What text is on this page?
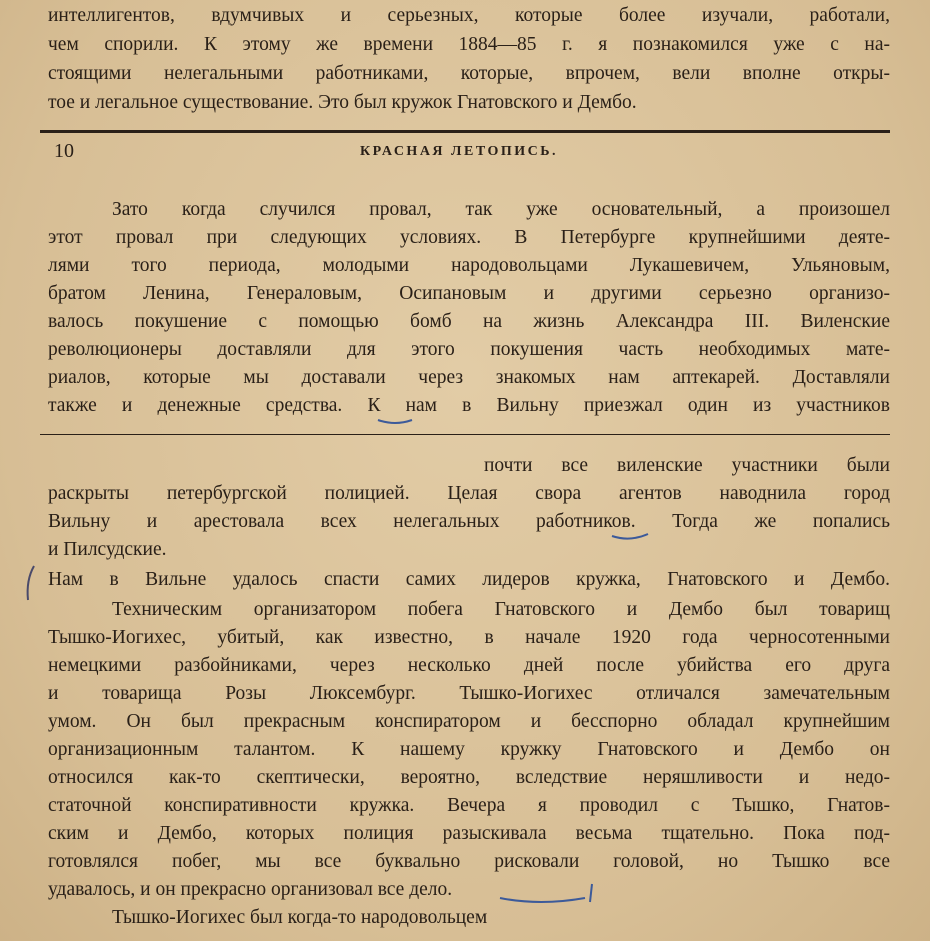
интеллигентов, вдумчивых и серьезных, которые более изучали, работали,
чем спорили. К этому же времени 1884—85 г. я познакомился уже с на-
стоящими нелегальными работниками, которые, впрочем, вели вполне откры-
тое и легальное существование. Это был кружок Гнатовского и Дембо.
10	КРАСНАЯ ЛЕТОПИСЬ.
Зато когда случился провал, так уже основательный, а произошел
этот провал при следующих условиях. В Петербурге крупнейшими деяте-
лями того периода, молодыми народовольцами Лукашевичем, Ульяновым,
братом Ленина, Генераловым, Осипановым и другими серьезно организо-
валось покушение с помощью бомб на жизнь Александра III. Виленские
революционеры доставляли для этого покушения часть необходимых мате-
риалов, которые мы доставали через знакомых нам аптекарей. Доставляли
также и денежные средства. К нам в Вильну приезжал один из участников
почти все виленские участники были
раскрыты петербургской полицией. Целая свора агентов наводнила город
Вильну и арестовала всех нелегальных работников. Тогда же попались
и Пилсудские.
Нам в Вильне удалось спасти самих лидеров кружка, Гнатовского и Дембо.
Техническим организатором побега Гнатовского и Дембо был товарищ
Тышко-Иогихес, убитый, как известно, в начале 1920 года черносотенными
немецкими разбойниками, через несколько дней после убийства его друга
и товарища Розы Люксембург. Тышко-Иогихес отличался замечательным
умом. Он был прекрасным конспиратором и бесспорно обладал крупнейшим
организационным талантом. К нашему кружку Гнатовского и Дембо он
относился как-то скептически, вероятно, вследствие неряшливости и недо-
статочной конспиративности кружка. Вечера я проводил с Тышко, Гнатов-
ским и Дембо, которых полиция разыскивала весьма тщательно. Пока под-
готовлялся побег, мы все буквально рисковали головой, но Тышко все
удавалось, и он прекрасно организовал все дело.
Тышко-Иогихес был когда-то народовольцем
